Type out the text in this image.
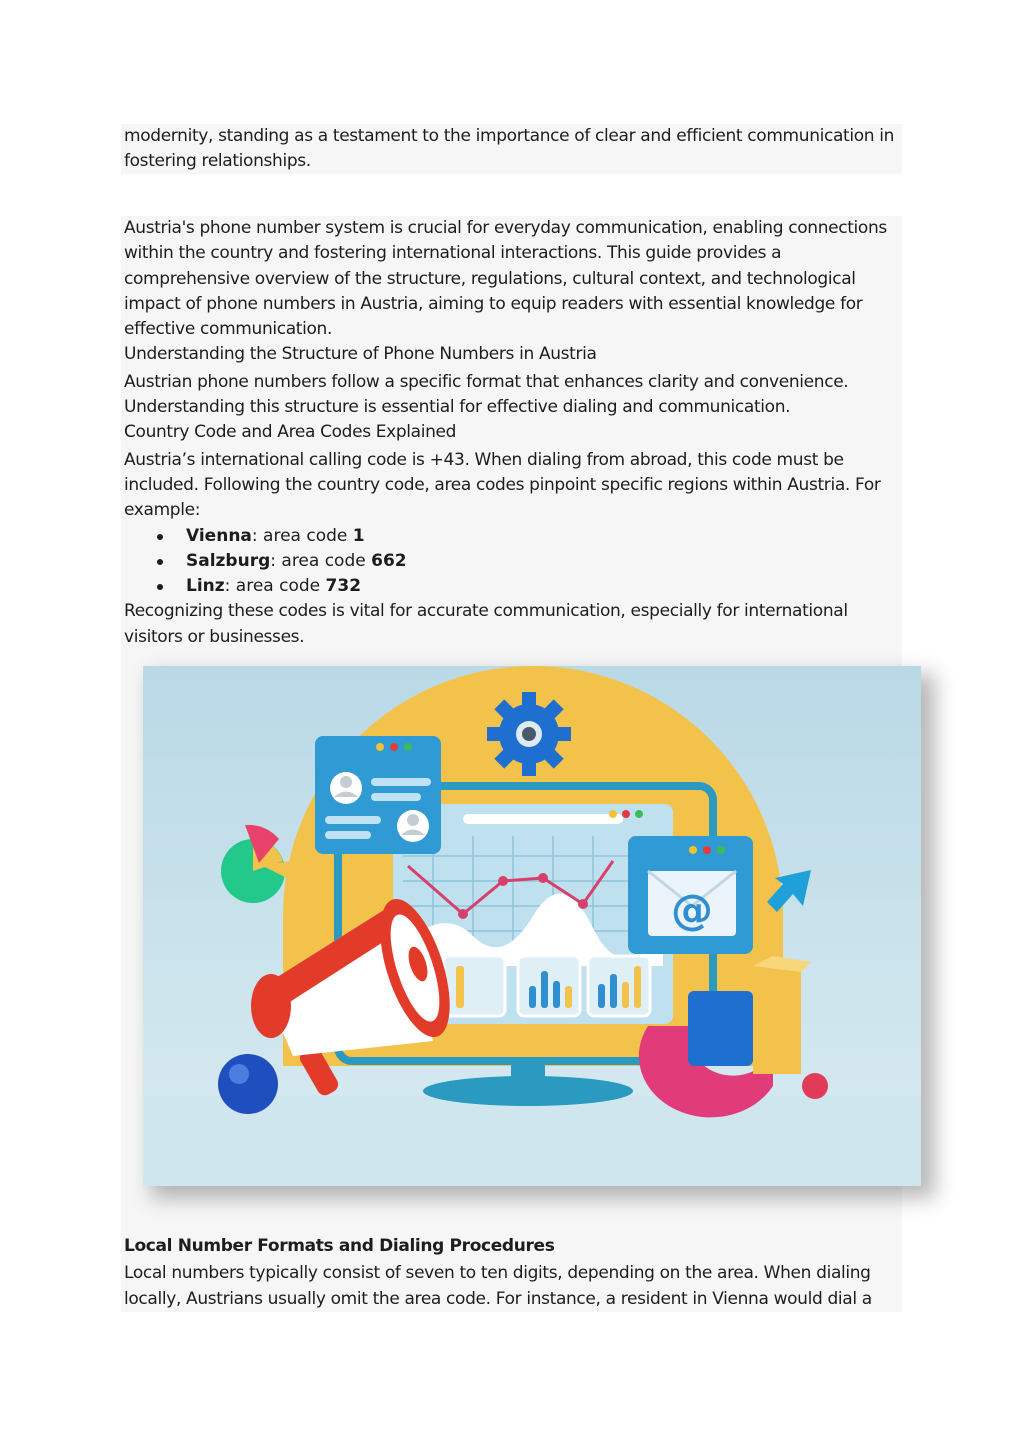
modernity, standing as a testament to the importance of clear and efficient communication in fostering relationships.

Austria's phone number system is crucial for everyday communication, enabling connections within the country and fostering international interactions. This guide provides a comprehensive overview of the structure, regulations, cultural context, and technological impact of phone numbers in Austria, aiming to equip readers with essential knowledge for effective communication.

Understanding the Structure of Phone Numbers in Austria

Austrian phone numbers follow a specific format that enhances clarity and convenience. Understanding this structure is essential for effective dialing and communication.

Country Code and Area Codes Explained

Austria’s international calling code is +43. When dialing from abroad, this code must be included. Following the country code, area codes pinpoint specific regions within Austria. For example:

Vienna: area code 1
Salzburg: area code 662
Linz: area code 732

Recognizing these codes is vital for accurate communication, especially for international visitors or businesses.

@

Local Number Formats and Dialing Procedures

Local numbers typically consist of seven to ten digits, depending on the area. When dialing locally, Austrians usually omit the area code. For instance, a resident in Vienna would dial a
